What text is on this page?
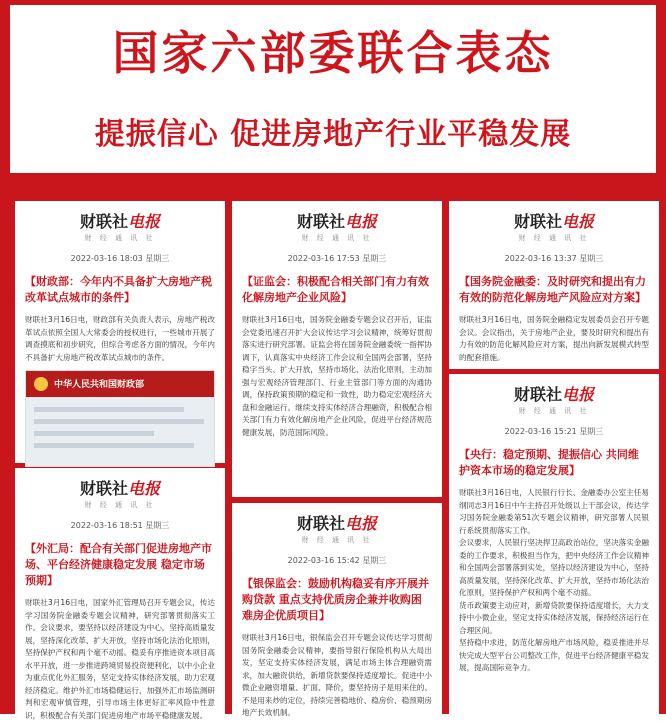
国家六部委联合表态
提振信心 促进房地产行业平稳发展
财联社电报
财 经 通 讯 社
2022-03-16 18:03 星期三
【财政部：今年内不具备扩大房地产税改革试点城市的条件】
财联社3月16日电，财政部有关负责人表示，房地产税改革试点依照全国人大常委会的授权进行，一些城市开展了调查摸底和初步研究，但综合考虑各方面的情况，今年内不具备扩大房地产税改革试点城市的条件。
中华人民共和国财政部
财联社电报
财 经 通 讯 社
2022-03-16 17:53 星期三
【证监会：积极配合相关部门有力有效化解房地产企业风险】
财联社3月16日电，国务院金融委专题会议召开后，证监会党委迅速召开扩大会议传达学习会议精神，统筹好贯彻落实进行研究部署。证监会将在国务院金融委统一指挥协调下，认真落实中央经济工作会议和全国两会部署，坚持稳字当头、扩大开放，坚持市场化、法治化原则，主动加强与宏观经济管理部门、行业主管部门等方面的沟通协调，保持政策预期的稳定和一致性，助力稳定宏观经济大盘和金融运行。继续支持实体经济合理融资，积极配合相关部门有力有效化解房地产企业风险，促进平台经济规范健康发展，防范国际风险。
财联社电报
财 经 通 讯 社
2022-03-16 13:37 星期三
【国务院金融委：及时研究和提出有力有效的防范化解房地产风险应对方案】
财联社3月16日电，国务院金融稳定发展委员会召开专题会议。会议指出，关于房地产企业，要及时研究和提出有力有效的防范化解风险应对方案，提出向新发展模式转型的配套措施。
财联社电报
财 经 通 讯 社
2022-03-16 18:51 星期三
【外汇局：配合有关部门促进房地产市场、平台经济健康稳定发展 稳定市场预期】
财联社3月16日电，国家外汇管理局召开专题会议，传达学习国务院金融委专题会议精神，研究部署贯彻落实工作。会议要求，要坚持以经济建设为中心，坚持高质量发展，坚持深化改革、扩大开放，坚持市场化法治化原则，坚持保护产权和两个毫不动摇。稳妥有序推进资本项目高水平开放，进一步推进跨境贸易投资便利化，以中小企业为重点优化外汇服务，坚定支持实体经济发展，助力宏观经济稳定。维护外汇市场稳健运行，加强外汇市场监测研判和宏观审慎管理，引导市场主体更好汇率风险中性意识，积极配合有关部门促进房地产市场平稳健康发展。
财联社电报
财 经 通 讯 社
2022-03-16 15:42 星期三
【银保监会：鼓励机构稳妥有序开展并购贷款 重点支持优质房企兼并收购困难房企优质项目】
财联社3月16日电，银保监会召开专题会议传达学习贯彻国务院金融委会议精神，要指导银行保险机构从大局出发，坚定支持实体经济发展，满足市场主体合理融资需求，加大融资供给，新增贷款要保持适度增长。促进中小微企业融资增量、扩面、降价，要坚持房子是用来住的、不是用来炒的定位，持续完善稳地价、稳房价、稳预期房地产长效机制。
财联社电报
财 经 通 讯 社
2022-03-16 15:21 星期三
【央行：稳定预期、提振信心 共同维护资本市场的稳定发展】
财联社3月16日电，人民银行行长、金融委办公室主任易纲同志3月16日中午主持召开处级以上干部会议，传达学习国务院金融委第51次专题会议精神，研究部署人民银行系统贯彻落实工作。
会议要求，人民银行坚决捍卫高政治站位，坚决落实金融委的工作要求，积极担当作为，把中央经济工作会议精神和全国两会部署落到实处，坚持以经济建设为中心，坚持高质量发展，坚持深化改革、扩大开放，坚持市场化法治化原则，坚持保护产权和两个毫不动摇。
货币政策要主动应对，新增贷款要保持适度增长，大力支持中小微企业，坚定支持实体经济发展，保持经济运行在合理区间。
坚持稳中求进，防范化解房地产市场风险，稳妥推进并尽快完成大型平台公司整改工作，促进平台经济健康平稳发展，提高国际竞争力。
